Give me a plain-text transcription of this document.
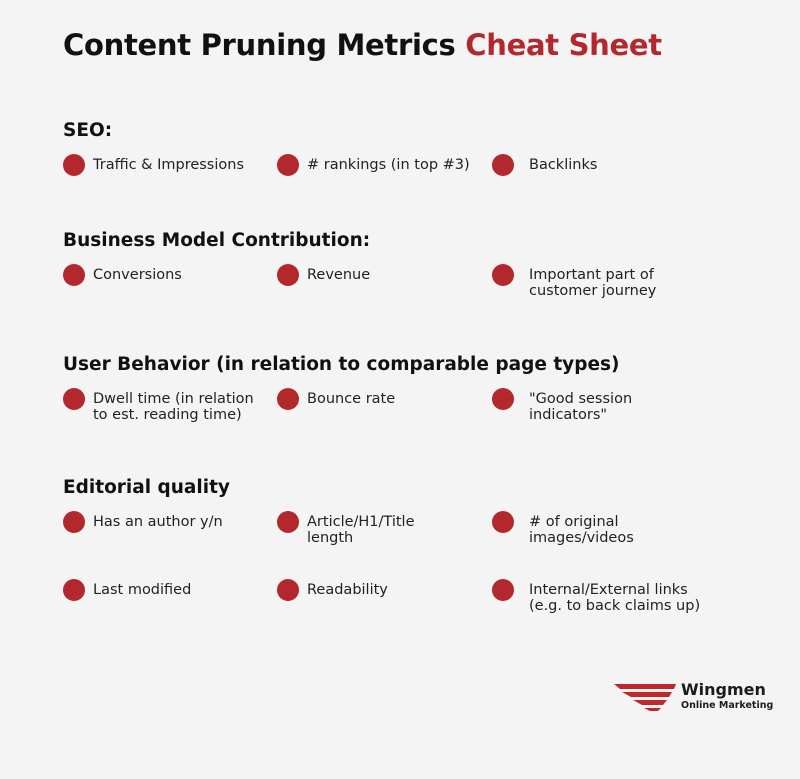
Content Pruning Metrics Cheat Sheet
SEO:
Traffic & Impressions	# rankings (in top #3)	Backlinks
Business Model Contribution:
Conversions	Revenue	Important part of
customer journey
User Behavior (in relation to comparable page types)
Dwell time (in relation
to est. reading time)
Bounce rate	"Good session
indicators"
Editorial quality
Has an author y/n	Article/H1/Title
length
# of original
images/videos
Last modified	Readability	Internal/External links
(e.g. to back claims up)
Wingmen
Online Marketing
